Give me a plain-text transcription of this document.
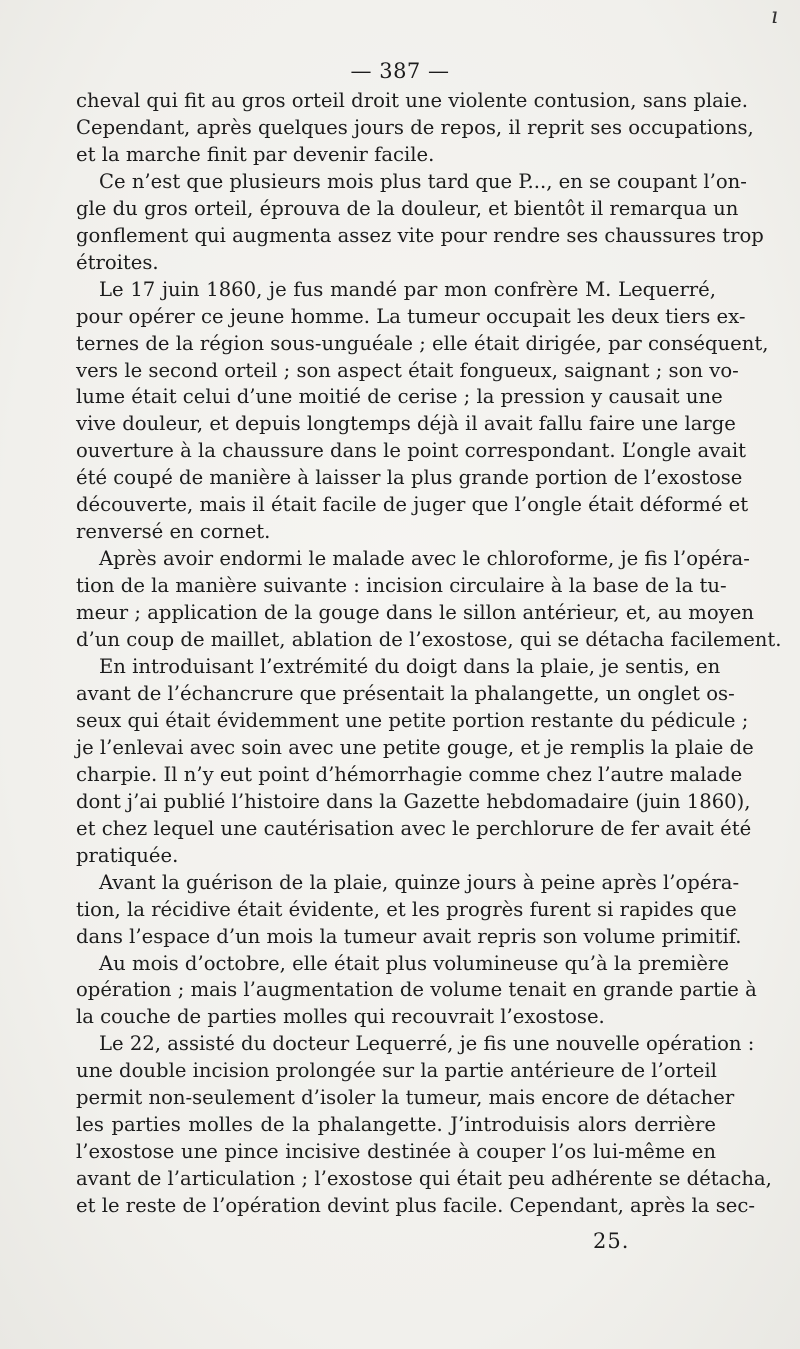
ı
— 387 —
cheval qui fit au gros orteil droit une violente contusion, sans plaie.
Cependant, après quelques jours de repos, il reprit ses occupations,
et la marche finit par devenir facile.
Ce n’est que plusieurs mois plus tard que P..., en se coupant l’on-
gle du gros orteil, éprouva de la douleur, et bientôt il remarqua un
gonflement qui augmenta assez vite pour rendre ses chaussures trop
étroites.
Le 17 juin 1860, je fus mandé par mon confrère M. Lequerré,
pour opérer ce jeune homme. La tumeur occupait les deux tiers ex-
ternes de la région sous-unguéale ; elle était dirigée, par conséquent,
vers le second orteil ; son aspect était fongueux, saignant ; son vo-
lume était celui d’une moitié de cerise ; la pression y causait une
vive douleur, et depuis longtemps déjà il avait fallu faire une large
ouverture à la chaussure dans le point correspondant. L’ongle avait
été coupé de manière à laisser la plus grande portion de l’exostose
découverte, mais il était facile de juger que l’ongle était déformé et
renversé en cornet.
Après avoir endormi le malade avec le chloroforme, je fis l’opéra-
tion de la manière suivante : incision circulaire à la base de la tu-
meur ; application de la gouge dans le sillon antérieur, et, au moyen
d’un coup de maillet, ablation de l’exostose, qui se détacha facilement.
En introduisant l’extrémité du doigt dans la plaie, je sentis, en
avant de l’échancrure que présentait la phalangette, un onglet os-
seux qui était évidemment une petite portion restante du pédicule ;
je l’enlevai avec soin avec une petite gouge, et je remplis la plaie de
charpie. Il n’y eut point d’hémorrhagie comme chez l’autre malade
dont j’ai publié l’histoire dans la Gazette hebdomadaire (juin 1860),
et chez lequel une cautérisation avec le perchlorure de fer avait été
pratiquée.
Avant la guérison de la plaie, quinze jours à peine après l’opéra-
tion, la récidive était évidente, et les progrès furent si rapides que
dans l’espace d’un mois la tumeur avait repris son volume primitif.
Au mois d’octobre, elle était plus volumineuse qu’à la première
opération ; mais l’augmentation de volume tenait en grande partie à
la couche de parties molles qui recouvrait l’exostose.
Le 22, assisté du docteur Lequerré, je fis une nouvelle opération :
une double incision prolongée sur la partie antérieure de l’orteil
permit non-seulement d’isoler la tumeur, mais encore de détacher
les parties molles de la phalangette. J’introduisis alors derrière
l’exostose une pince incisive destinée à couper l’os lui-même en
avant de l’articulation ; l’exostose qui était peu adhérente se détacha,
et le reste de l’opération devint plus facile. Cependant, après la sec-
25.
